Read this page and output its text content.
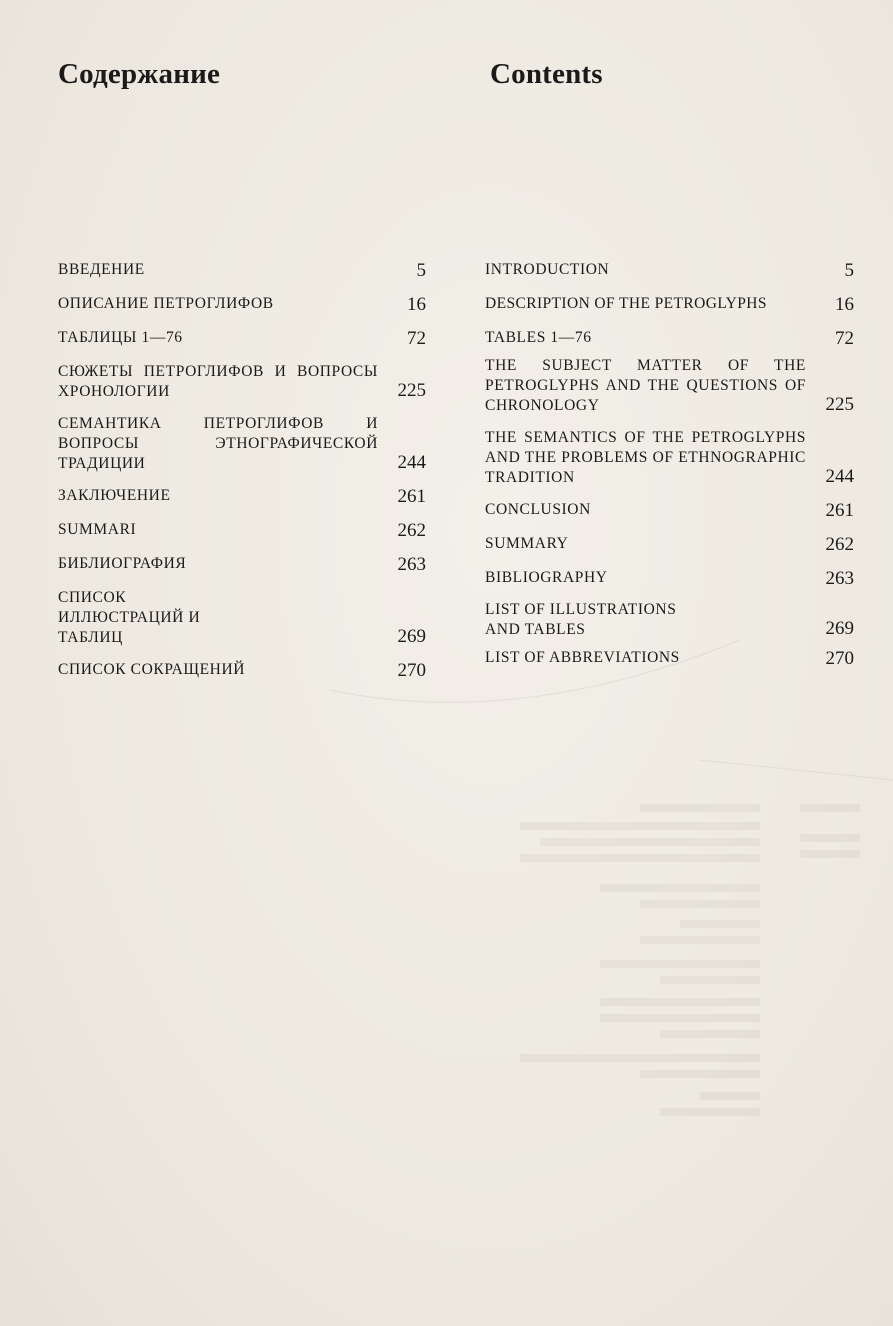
Содержание	Contents
ВВЕДЕНИЕ	5
ОПИСАНИЕ ПЕТРОГЛИФОВ	16
ТАБЛИЦЫ 1—76	72
СЮЖЕТЫ ПЕТРОГЛИФОВ И ВОПРОСЫ ХРОНОЛОГИИ	225
СЕМАНТИКА ПЕТРОГЛИФОВ И ВОПРОСЫ ЭТНОГРАФИЧЕСКОЙ ТРАДИЦИИ	244
ЗАКЛЮЧЕНИЕ	261
SUMMARI	262
БИБЛИОГРАФИЯ	263
СПИСОК ИЛЛЮСТРАЦИЙ И ТАБЛИЦ	269
СПИСОК СОКРАЩЕНИЙ	270
INTRODUCTION	5
DESCRIPTION OF THE PETROGLYPHS	16
TABLES 1—76	72
THE SUBJECT MATTER OF THE PETROGLYPHS AND THE QUESTIONS OF CHRONOLOGY	225
THE SEMANTICS OF THE PETROGLYPHS AND THE PROBLEMS OF ETHNOGRAPHIC TRADITION	244
CONCLUSION	261
SUMMARY	262
BIBLIOGRAPHY	263
LIST OF ILLUSTRATIONS AND TABLES	269
LIST OF ABBREVIATIONS	270
